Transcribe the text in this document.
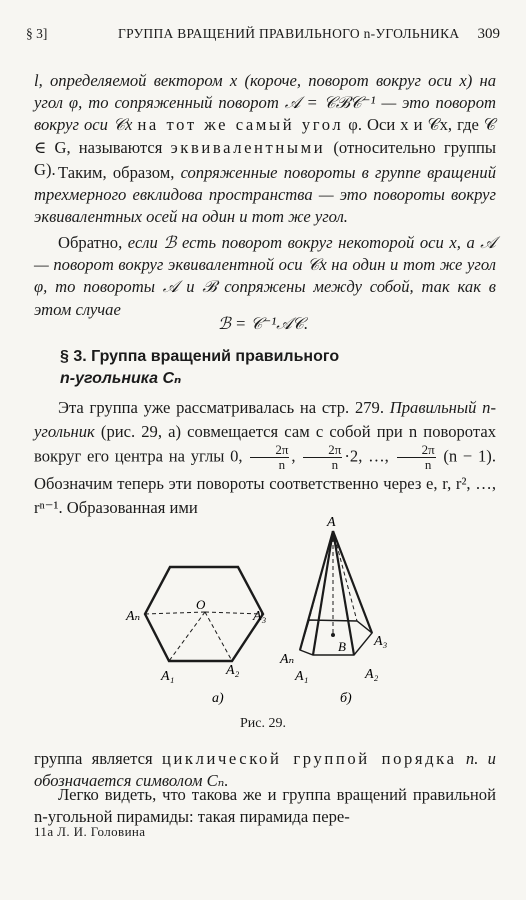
§ 3]	ГРУППА ВРАЩЕНИЙ ПРАВИЛЬНОГО n-УГОЛЬНИКА 309
l, определяемой вектором x (короче, поворот вокруг оси x) на угол φ, то сопряженный поворот 𝒜 = 𝒞ℬ𝒞⁻¹ — это поворот вокруг оси 𝒞x на тот же самый угол φ. Оси x и 𝒞x, где 𝒞 ∈ G, называются эквивалентными (относительно группы G). Таким, образом, сопряженные повороты в группе вращений трехмерного евклидова пространства — это повороты вокруг эквивалентных осей на один и тот же угол.
Обратно, если ℬ есть поворот вокруг некоторой оси x, а 𝒜 — поворот вокруг эквивалентной оси 𝒞x на один и тот же угол φ, то повороты 𝒜 и ℬ сопряжены между собой, так как в этом случае
ℬ = 𝒞⁻¹𝒜𝒞.
§ 3. Группа вращений правильного
n-угольника Cₙ
Эта группа уже рассматривалась на стр. 279. Правильный n-угольник (рис. 29, а) совмещается сам с собой при n поворотах вокруг его центра на углы 0, $\frac{2\pi}{n}$ , $\frac{2\pi}{n} \cdot 2$, …, $\frac{2\pi}{n} (n - 1)$. Обозначим теперь эти повороты соответственно через e, r, r², …, rⁿ⁻¹. Образованная ими
O
Aₙ	A₃
A₁	A₂
а)
A
B
Aₙ
A₃
A₁	A₂
б)
Рис. 29.
группа является циклической группой порядка n. и обозначается символом Cₙ.
Легко видеть, что такова же и группа вращений правильной n-угольной пирамиды: такая пирамида пере-
11а Л. И. Головина
